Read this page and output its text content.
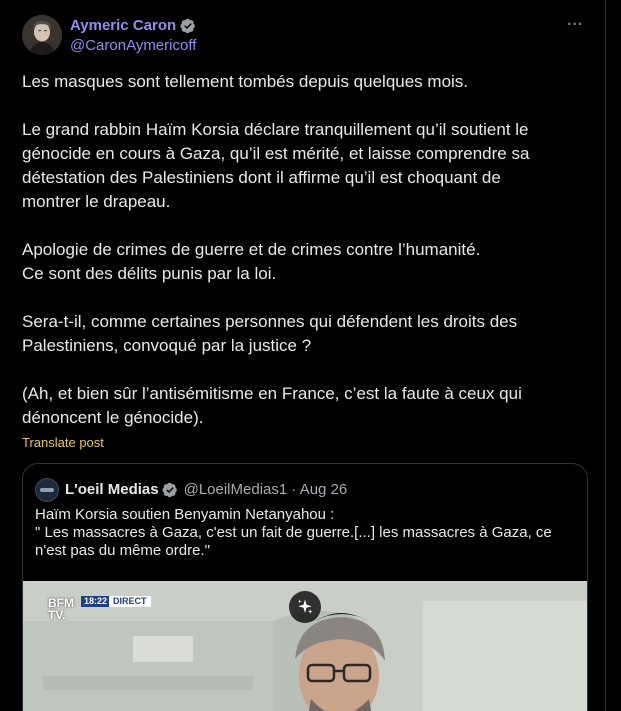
Aymeric Caron
@CaronAymericoff
···

Les masques sont tellement tombés depuis quelques mois.

Le grand rabbin Haïm Korsia déclare tranquillement qu’il soutient le
génocide en cours à Gaza, qu’il est mérité, et laisse comprendre sa
détestation des Palestiniens dont il affirme qu’il est choquant de
montrer le drapeau.

Apologie de crimes de guerre et de crimes contre l’humanité.
Ce sont des délits punis par la loi.

Sera-t-il, comme certaines personnes qui défendent les droits des
Palestiniens, convoqué par la justice ?

(Ah, et bien sûr l’antisémitisme en France, c’est la faute à ceux qui
dénoncent le génocide).

Translate post
L'oeil Medias @LoeilMedias1 · Aug 26

Haïm Korsia soutien Benyamin Netanyahou :

" Les massacres à Gaza, c'est un fait de guerre.[...] les massacres à Gaza, ce

n'est pas du même ordre."

BFM
TV.
18:22 DIRECT
